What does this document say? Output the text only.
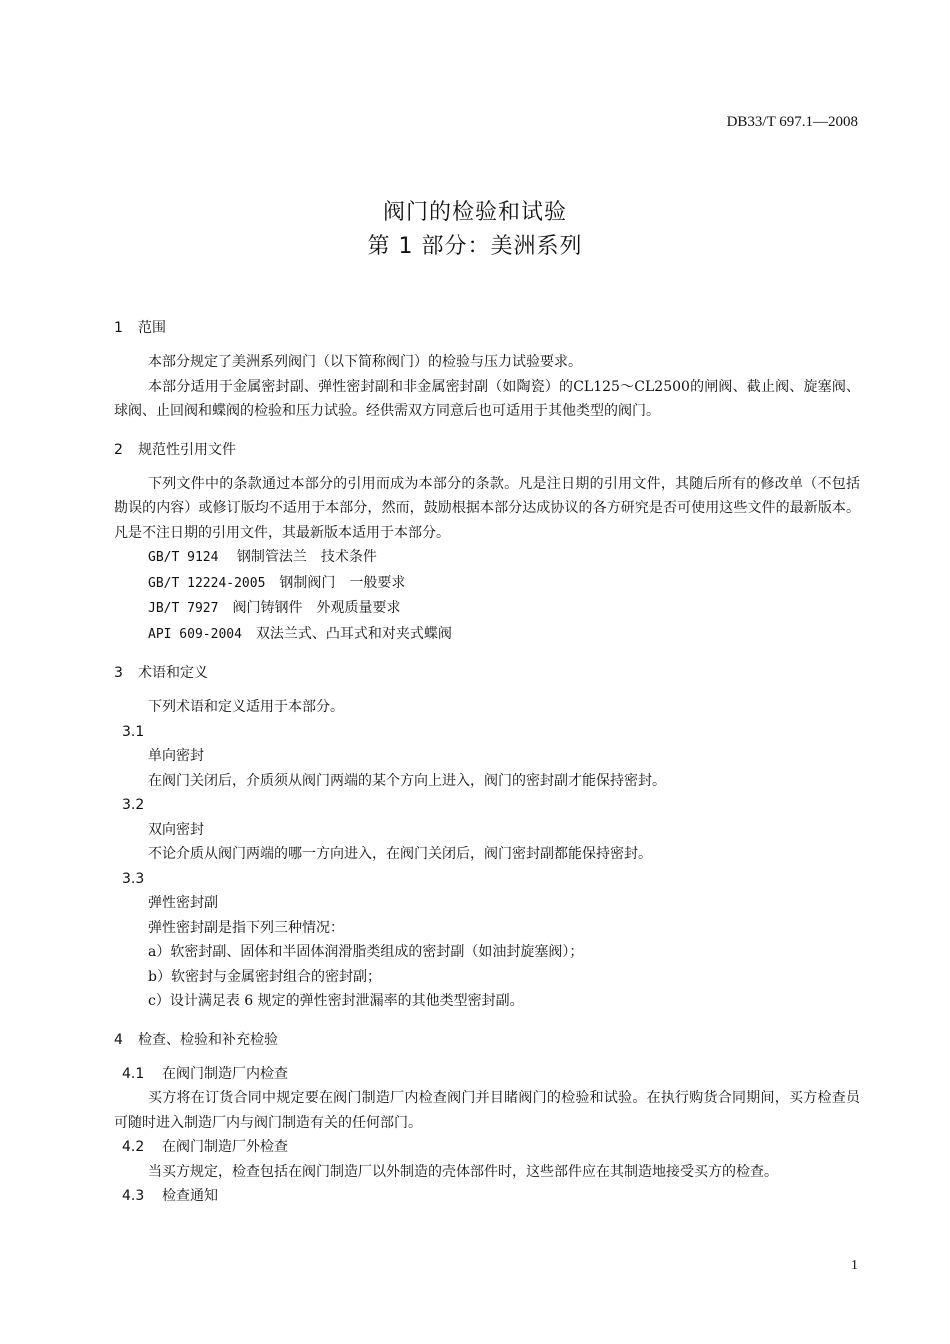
DB33/T 697.1—2008
阀门的检验和试验
第 1 部分：美洲系列
1 范围
本部分规定了美洲系列阀门（以下简称阀门）的检验与压力试验要求。
本部分适用于金属密封副、弹性密封副和非金属密封副（如陶瓷）的CL125～CL2500的闸阀、截止阀、旋塞阀、球阀、止回阀和蝶阀的检验和压力试验。经供需双方同意后也可适用于其他类型的阀门。
2 规范性引用文件
下列文件中的条款通过本部分的引用而成为本部分的条款。凡是注日期的引用文件，其随后所有的修改单（不包括勘误的内容）或修订版均不适用于本部分，然而，鼓励根据本部分达成协议的各方研究是否可使用这些文件的最新版本。凡是不注日期的引用文件，其最新版本适用于本部分。
GB/T 9124　 钢制管法兰　技术条件
GB/T 12224-2005　 钢制阀门　一般要求
JB/T 7927　 阀门铸钢件　外观质量要求
API 609-2004　 双法兰式、凸耳式和对夹式蝶阀
3 术语和定义
下列术语和定义适用于本部分。
3.1
单向密封
在阀门关闭后，介质须从阀门两端的某个方向上进入，阀门的密封副才能保持密封。
3.2
双向密封
不论介质从阀门两端的哪一方向进入，在阀门关闭后，阀门密封副都能保持密封。
3.3
弹性密封副
弹性密封副是指下列三种情况：
a）软密封副、固体和半固体润滑脂类组成的密封副（如油封旋塞阀）；
b）软密封与金属密封组合的密封副；
c）设计满足表 6 规定的弹性密封泄漏率的其他类型密封副。
4 检查、检验和补充检验
4.1 在阀门制造厂内检查
买方将在订货合同中规定要在阀门制造厂内检查阀门并目睹阀门的检验和试验。在执行购货合同期间，买方检查员可随时进入制造厂内与阀门制造有关的任何部门。
4.2 在阀门制造厂外检查
当买方规定，检查包括在阀门制造厂以外制造的壳体部件时，这些部件应在其制造地接受买方的检查。
4.3 检查通知
1
